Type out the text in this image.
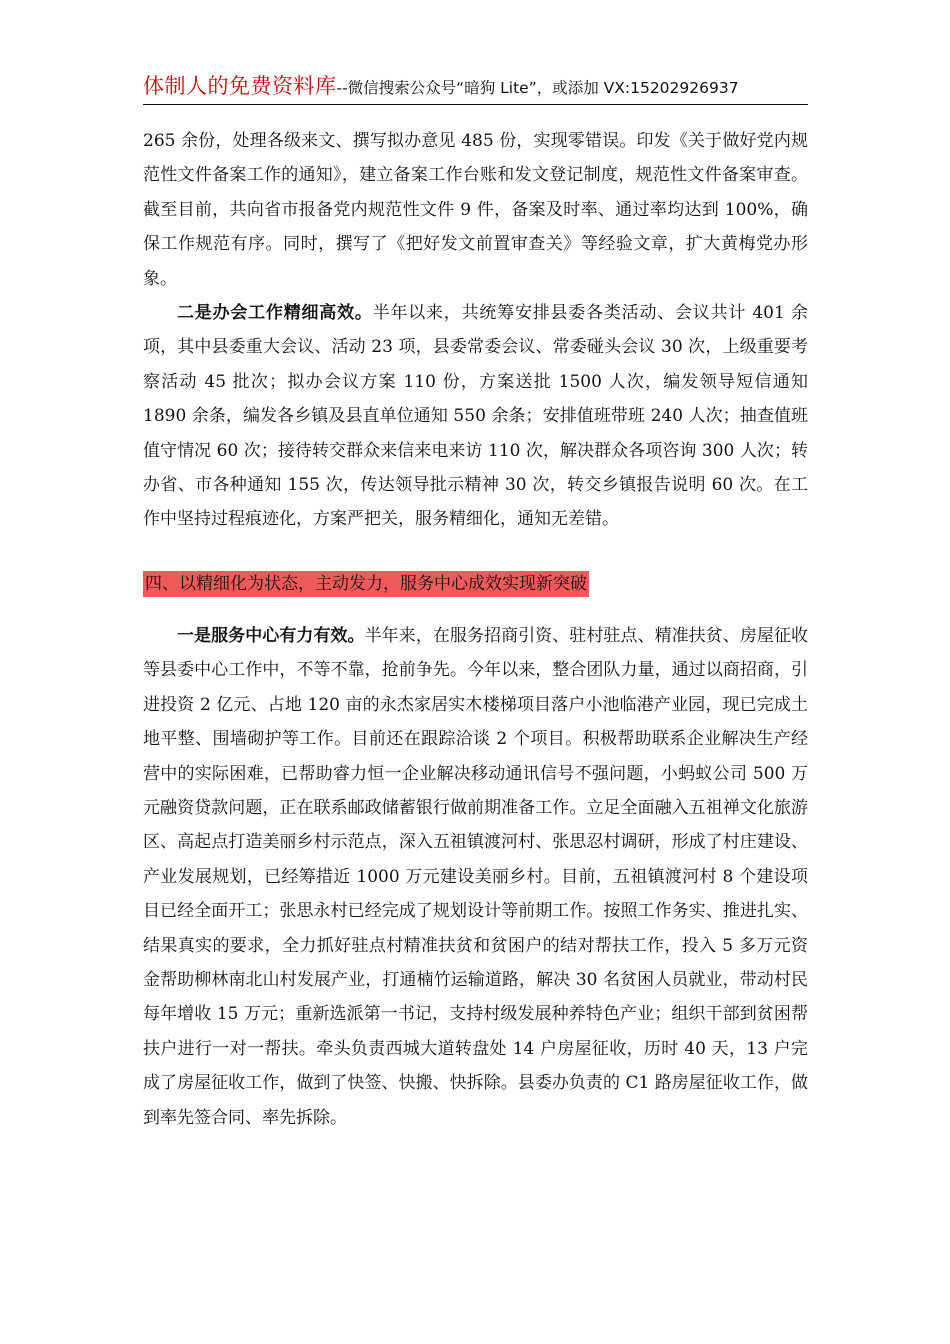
体制人的免费资料库--微信搜索公众号“暗狗 Lite”，或添加 VX:15202926937

265 余份，处理各级来文、撰写拟办意见 485 份，实现零错误。印发《关于做好党内规范性文件备案工作的通知》，建立备案工作台账和发文登记制度，规范性文件备案审查。截至目前，共向省市报备党内规范性文件 9 件，备案及时率、通过率均达到 100%，确保工作规范有序。同时，撰写了《把好发文前置审查关》等经验文章，扩大黄梅党办形象。

二是办会工作精细高效。半年以来，共统筹安排县委各类活动、会议共计 401 余项，其中县委重大会议、活动 23 项，县委常委会议、常委碰头会议 30 次，上级重要考察活动 45 批次；拟办会议方案 110 份，方案送批 1500 人次，编发领导短信通知 1890 余条，编发各乡镇及县直单位通知 550 余条；安排值班带班 240 人次；抽查值班值守情况 60 次；接待转交群众来信来电来访 110 次，解决群众各项咨询 300 人次；转办省、市各种通知 155 次，传达领导批示精神 30 次，转交乡镇报告说明 60 次。在工作中坚持过程痕迹化，方案严把关，服务精细化，通知无差错。

四、以精细化为状态，主动发力，服务中心成效实现新突破

一是服务中心有力有效。半年来，在服务招商引资、驻村驻点、精准扶贫、房屋征收等县委中心工作中，不等不靠，抢前争先。今年以来，整合团队力量，通过以商招商，引进投资 2 亿元、占地 120 亩的永杰家居实木楼梯项目落户小池临港产业园，现已完成土地平整、围墙砌护等工作。目前还在跟踪洽谈 2 个项目。积极帮助联系企业解决生产经营中的实际困难，已帮助睿力恒一企业解决移动通讯信号不强问题，小蚂蚁公司 500 万元融资贷款问题，正在联系邮政储蓄银行做前期准备工作。立足全面融入五祖禅文化旅游区、高起点打造美丽乡村示范点，深入五祖镇渡河村、张思忍村调研，形成了村庄建设、产业发展规划，已经筹措近 1000 万元建设美丽乡村。目前，五祖镇渡河村 8 个建设项目已经全面开工；张思永村已经完成了规划设计等前期工作。按照工作务实、推进扎实、结果真实的要求，全力抓好驻点村精准扶贫和贫困户的结对帮扶工作，投入 5 多万元资金帮助柳林南北山村发展产业，打通楠竹运输道路，解决 30 名贫困人员就业，带动村民每年增收 15 万元；重新选派第一书记，支持村级发展种养特色产业；组织干部到贫困帮扶户进行一对一帮扶。牵头负责西城大道转盘处 14 户房屋征收，历时 40 天，13 户完成了房屋征收工作，做到了快签、快搬、快拆除。县委办负责的 C1 路房屋征收工作，做到率先签合同、率先拆除。
